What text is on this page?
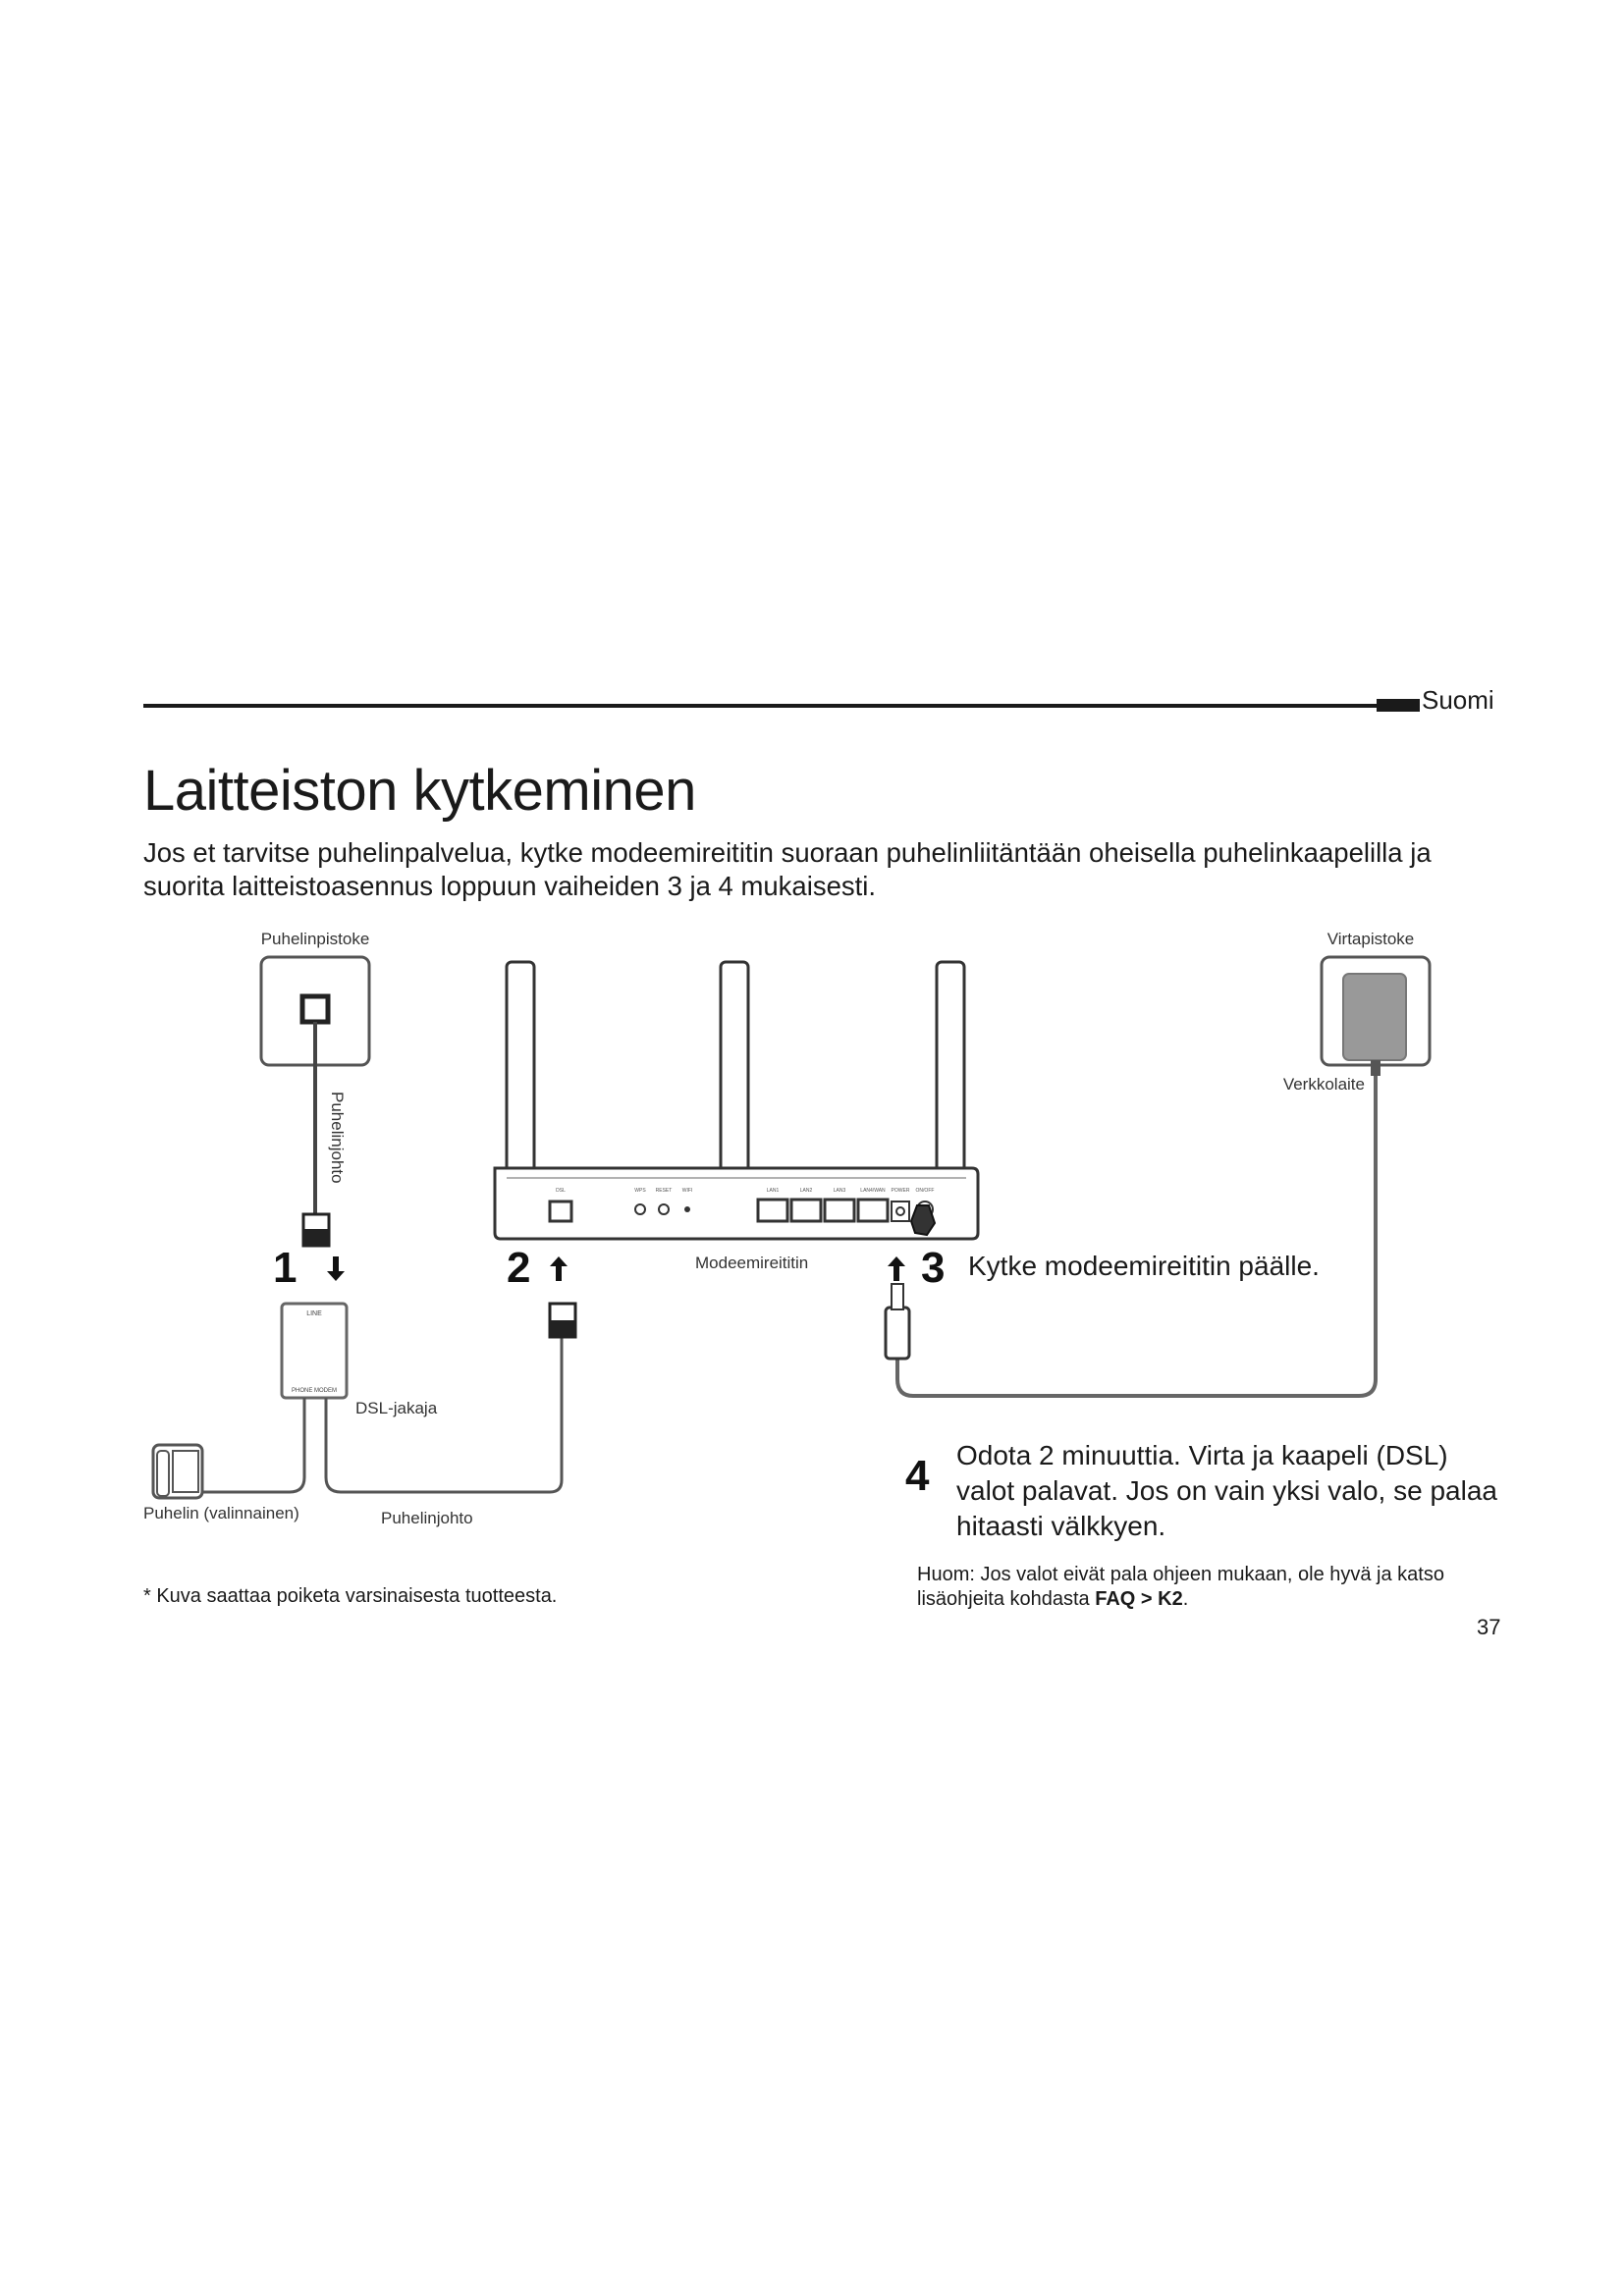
Suomi
Laitteiston kytkeminen
Jos et tarvitse puhelinpalvelua, kytke modeemireititin suoraan puhelinliitäntään oheisella puhelinkaapelilla ja suorita laitteistoasennus loppuun vaiheiden 3 ja 4 mukaisesti.
Puhelinpistoke
Puhelinjohto
Virtapistoke
Verkkolaite
Modeemireititin
DSL-jakaja
Puhelin (valinnainen)	Puhelinjohto
LINE
PHONE MODEM
1	2	3
4
DSL	WPS RESET WIFI	LAN1	LAN2	LAN3	LAN4/WAN POWER ON/OFF
Kytke modeemireititin päälle.
Odota 2 minuuttia. Virta ja kaapeli (DSL) valot palavat. Jos on vain yksi valo, se palaa hitaasti välkkyen.
Huom: Jos valot eivät pala ohjeen mukaan, ole hyvä ja katso lisäohjeita kohdasta FAQ > K2.
* Kuva saattaa poiketa varsinaisesta tuotteesta.
37
